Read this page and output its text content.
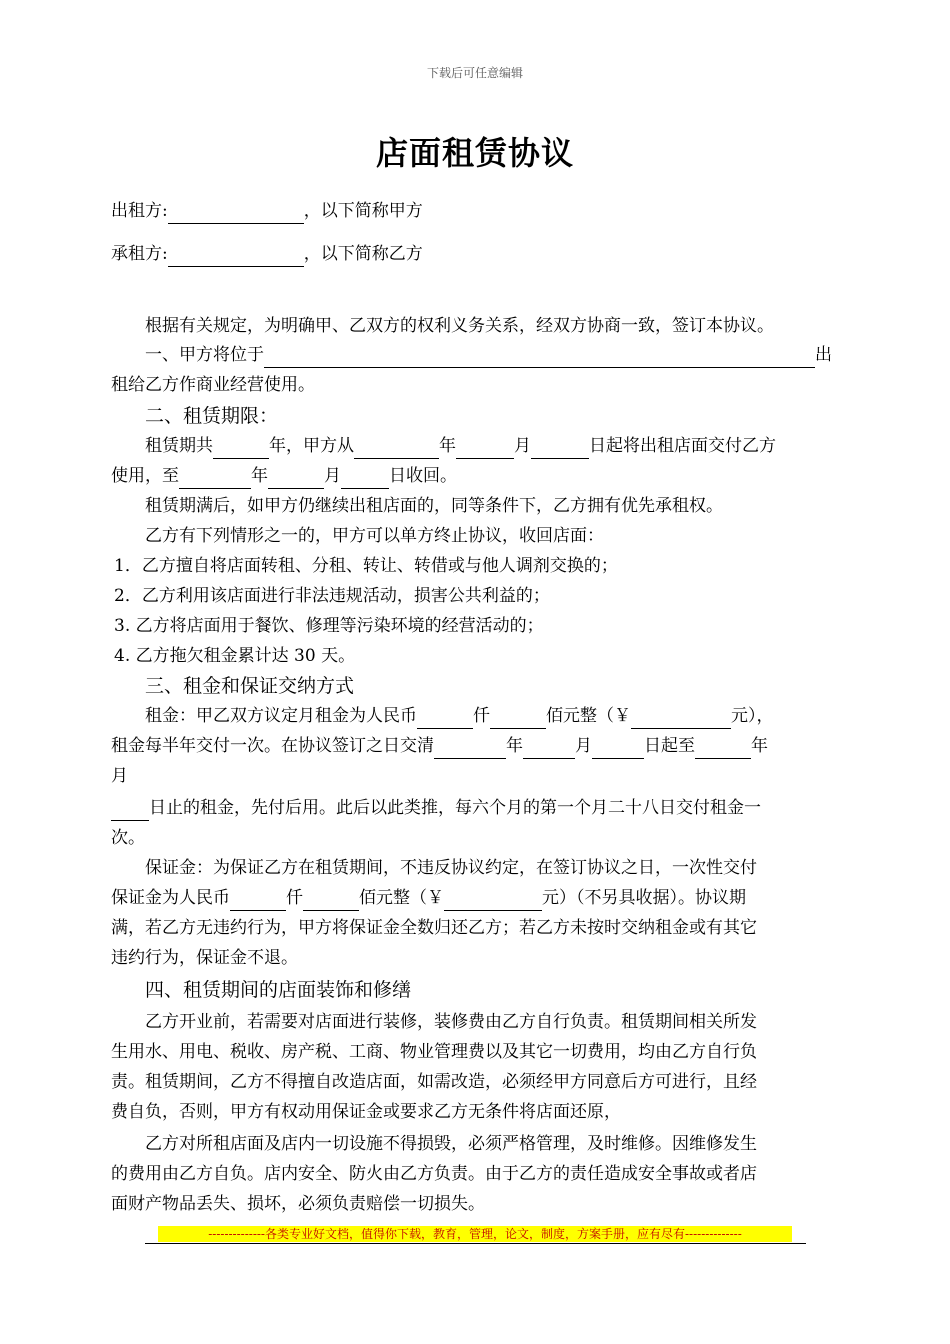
下载后可任意编辑
店面租赁协议
出租方:	，以下简称甲方
承租方:	，以下简称乙方
根据有关规定，为明确甲、乙双方的权利义务关系，经双方协商一致，签订本协议。
一、甲方将位于	出
租给乙方作商业经营使用。
二、租赁期限：
租赁期共	年，甲方从	年	月	日起将出租店面交付乙方
使用，至	年	月	日收回。
租赁期满后，如甲方仍继续出租店面的，同等条件下，乙方拥有优先承租权。
乙方有下列情形之一的，甲方可以单方终止协议，收回店面：
1．乙方擅自将店面转租、分租、转让、转借或与他人调剂交换的；
2．乙方利用该店面进行非法违规活动，损害公共利益的；
3. 乙方将店面用于餐饮、修理等污染环境的经营活动的；
4. 乙方拖欠租金累计达 30 天。
三、租金和保证交纳方式
租金：甲乙双方议定月租金为人民币	仟	佰元整（￥	元），
租金每半年交付一次。在协议签订之日交清	年	月	日起至	年
月
日止的租金，先付后用。此后以此类推，每六个月的第一个月二十八日交付租金一
次。
保证金：为保证乙方在租赁期间，不违反协议约定，在签订协议之日，一次性交付
保证金为人民币	仟	佰元整（￥	元）（不另具收据）。协议期
满，若乙方无违约行为，甲方将保证金全数归还乙方；若乙方未按时交纳租金或有其它
违约行为，保证金不退。
四、租赁期间的店面装饰和修缮
乙方开业前，若需要对店面进行装修，装修费由乙方自行负责。租赁期间相关所发
生用水、用电、税收、房产税、工商、物业管理费以及其它一切费用，均由乙方自行负
责。租赁期间，乙方不得擅自改造店面，如需改造，必须经甲方同意后方可进行，且经
费自负，否则，甲方有权动用保证金或要求乙方无条件将店面还原，
乙方对所租店面及店内一切设施不得损毁，必须严格管理，及时维修。因维修发生
的费用由乙方自负。店内安全、防火由乙方负责。由于乙方的责任造成安全事故或者店
面财产物品丢失、损坏，必须负责赔偿一切损失。
--------------各类专业好文档，值得你下载，教育，管理，论文，制度，方案手册，应有尽有--------------
